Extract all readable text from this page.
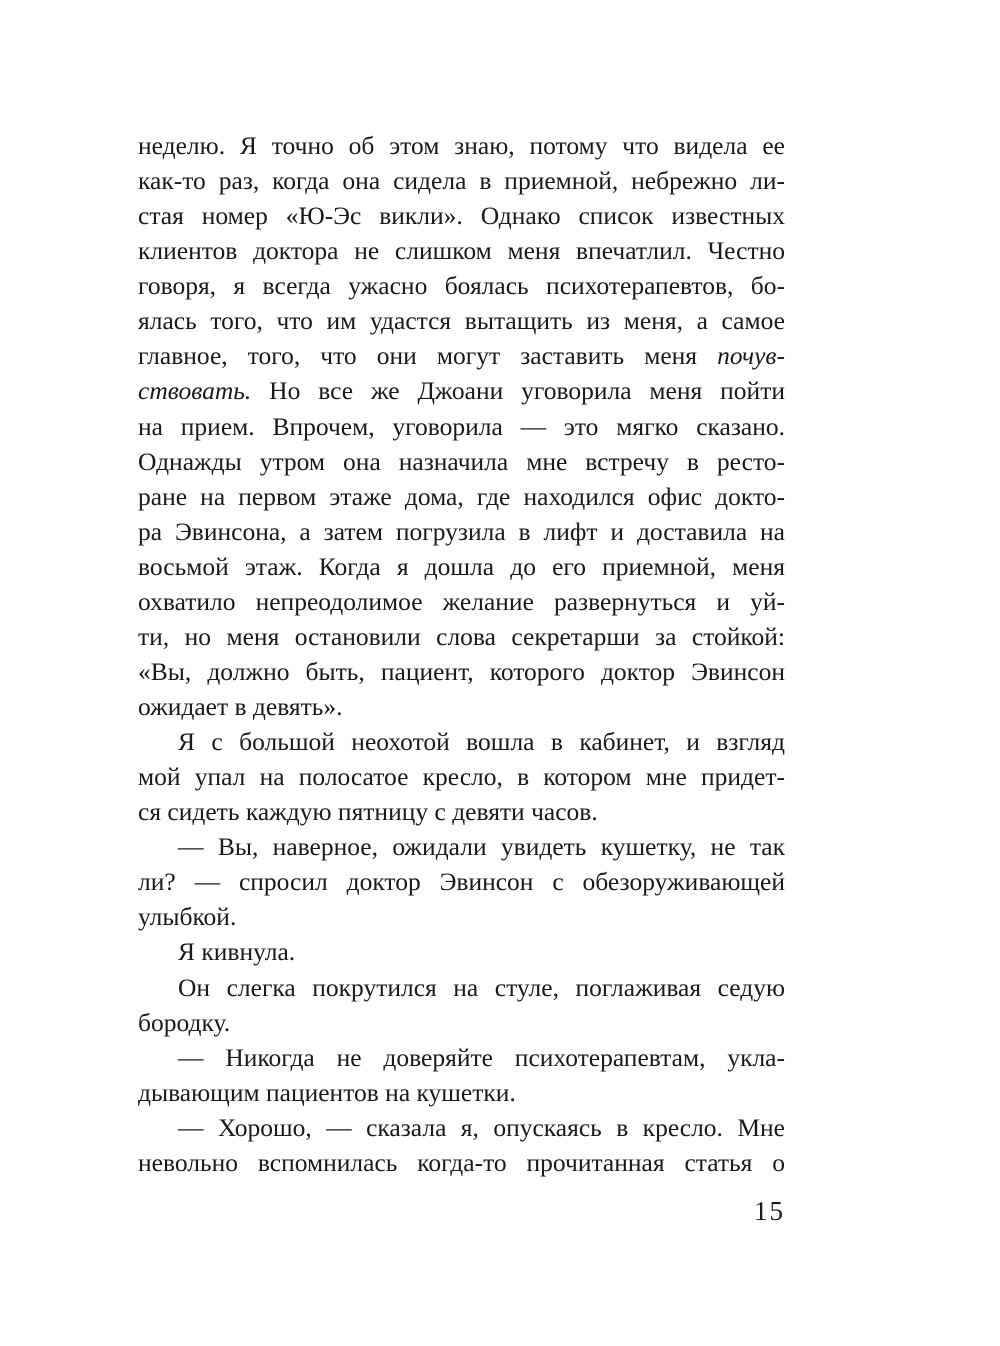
неделю. Я точно об этом знаю, потому что видела ее
как-то раз, когда она сидела в приемной, небрежно ли-
стая номер «Ю-Эс викли». Однако список известных
клиентов доктора не слишком меня впечатлил. Честно
говоря, я всегда ужасно боялась психотерапевтов, бо-
ялась того, что им удастся вытащить из меня, а самое
главное, того, что они могут заставить меня почув-
ствовать. Но все же Джоани уговорила меня пойти
на прием. Впрочем, уговорила — это мягко сказано.
Однажды утром она назначила мне встречу в ресто-
ране на первом этаже дома, где находился офис докто-
ра Эвинсона, а затем погрузила в лифт и доставила на
восьмой этаж. Когда я дошла до его приемной, меня
охватило непреодолимое желание развернуться и уй-
ти, но меня остановили слова секретарши за стойкой:
«Вы, должно быть, пациент, которого доктор Эвинсон
ожидает в девять».
Я с большой неохотой вошла в кабинет, и взгляд
мой упал на полосатое кресло, в котором мне придет-
ся сидеть каждую пятницу с девяти часов.
— Вы, наверное, ожидали увидеть кушетку, не так
ли? — спросил доктор Эвинсон с обезоруживающей
улыбкой.
Я кивнула.
Он слегка покрутился на стуле, поглаживая седую
бородку.
— Никогда не доверяйте психотерапевтам, укла-
дывающим пациентов на кушетки.
— Хорошо, — сказала я, опускаясь в кресло. Мне
невольно вспомнилась когда-то прочитанная статья о
15
